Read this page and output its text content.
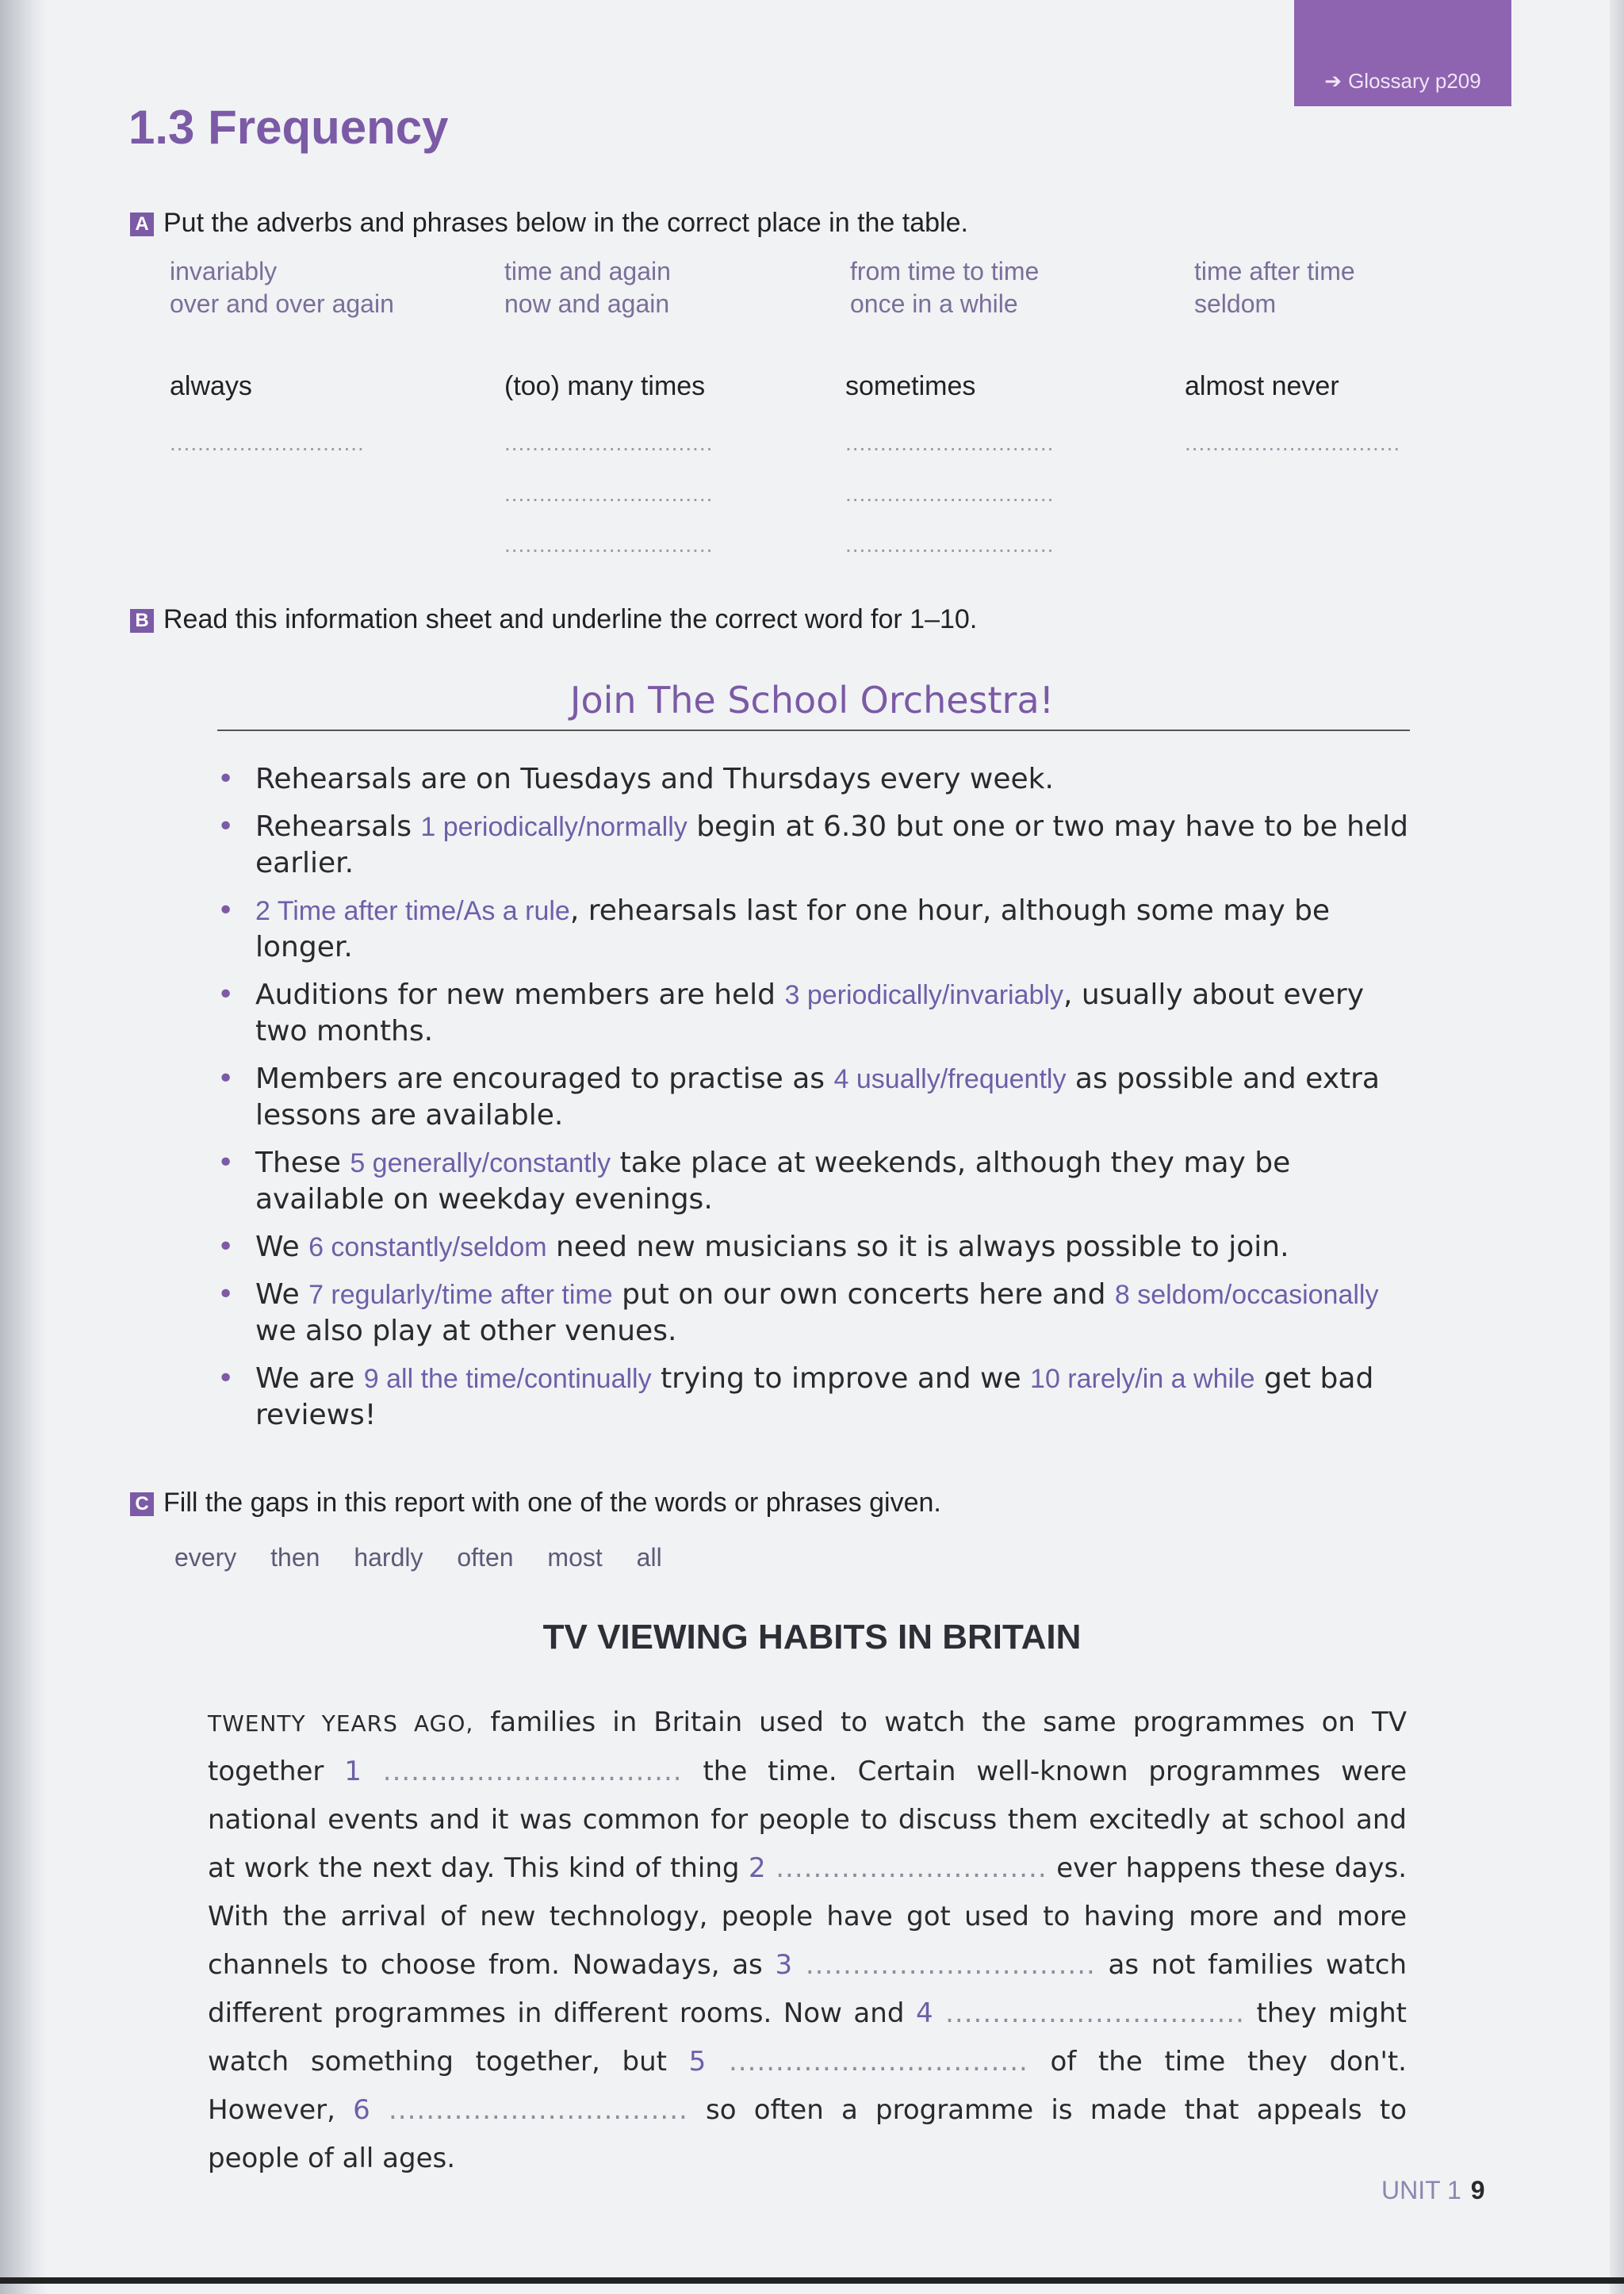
➔ Glossary p209
1.3 Frequency
A Put the adverbs and phrases below in the correct place in the table.
invariably
over and over again
time and again
now and again
from time to time
once in a while
time after time
seldom
always
............................
(too) many times
..............................
..............................
..............................
sometimes
..............................
..............................
..............................
almost never
...............................
B Read this information sheet and underline the correct word for 1–10.
Join The School Orchestra!
• Rehearsals are on Tuesdays and Thursdays every week.
• Rehearsals 1 periodically/normally begin at 6.30 but one or two may have to be held earlier.
• 2 Time after time/As a rule, rehearsals last for one hour, although some may be longer.
• Auditions for new members are held 3 periodically/invariably, usually about every two months.
• Members are encouraged to practise as 4 usually/frequently as possible and extra lessons are available.
• These 5 generally/constantly take place at weekends, although they may be available on weekday evenings.
• We 6 constantly/seldom need new musicians so it is always possible to join.
• We 7 regularly/time after time put on our own concerts here and 8 seldom/occasionally we also play at other venues.
• We are 9 all the time/continually trying to improve and we 10 rarely/in a while get bad reviews!
C Fill the gaps in this report with one of the words or phrases given.
every then hardly often most all
TV VIEWING HABITS IN BRITAIN
TWENTY YEARS AGO, families in Britain used to watch the same programmes on TV together 1 ................................ the time. Certain well-known programmes were national events and it was common for people to discuss them excitedly at school and at work the next day. This kind of thing 2 ............................. ever happens these days. With the arrival of new technology, people have got used to having more and more channels to choose from. Nowadays, as 3 ............................... as not families watch different programmes in different rooms. Now and 4 ................................ they might watch something together, but 5 ................................ of the time they don't. However, 6 ................................ so often a programme is made that appeals to people of all ages.
UNIT 1 9
